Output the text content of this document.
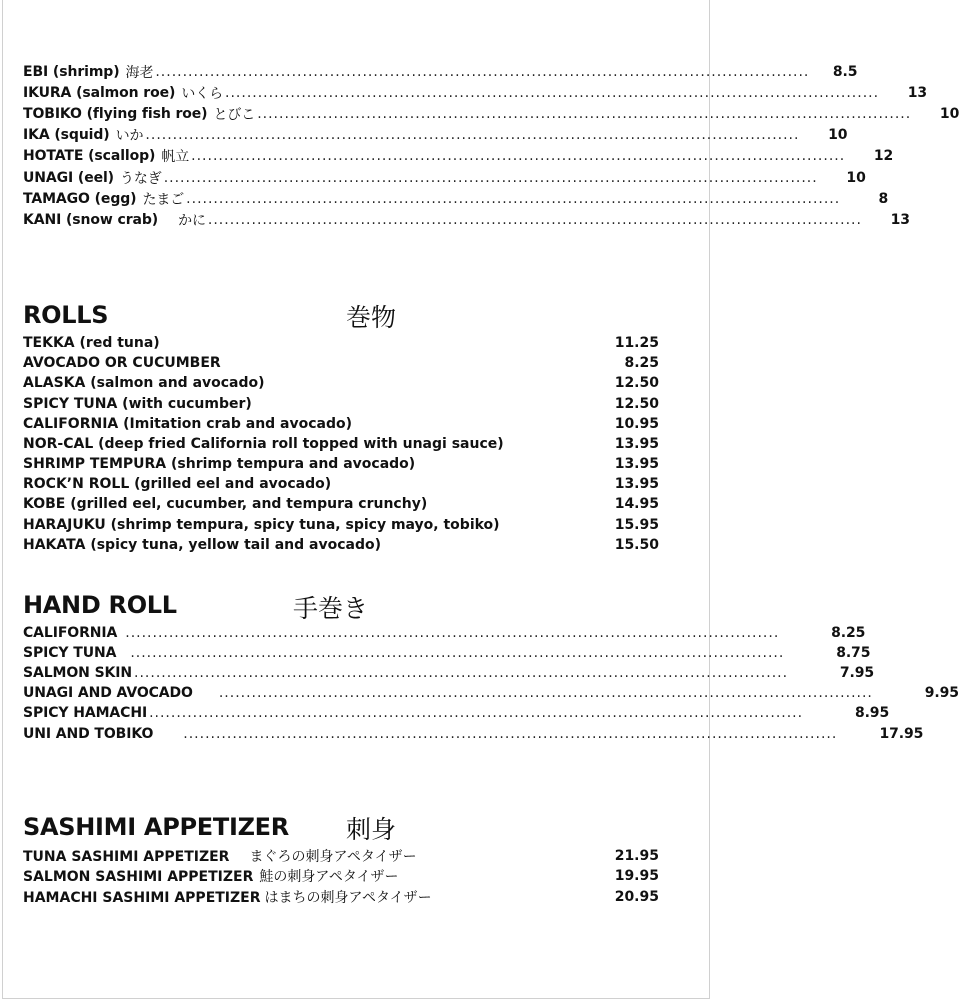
EBI (shrimp) 海老 ........................................................................................................................	8.5
IKURA (salmon roe) いくら ........................................................................................................................	13
TOBIKO (flying fish roe) とびこ ........................................................................................................................	10
IKA (squid) いか ........................................................................................................................	10
HOTATE (scallop) 帆立 ........................................................................................................................	12
UNAGI (eel) うなぎ ........................................................................................................................	10
TAMAGO (egg) たまご ........................................................................................................................	8
KANI (snow crab) かに ........................................................................................................................	13
ROLLS	巻物
TEKKA (red tuna)	11.25
AVOCADO OR CUCUMBER	8.25
ALASKA (salmon and avocado)	12.50
SPICY TUNA (with cucumber)	12.50
CALIFORNIA (Imitation crab and avocado)	10.95
NOR-CAL (deep fried California roll topped with unagi sauce)	13.95
SHRIMP TEMPURA (shrimp tempura and avocado)	13.95
ROCK’N ROLL (grilled eel and avocado)	13.95
KOBE (grilled eel, cucumber, and tempura crunchy)	14.95
HARAJUKU (shrimp tempura, spicy tuna, spicy mayo, tobiko)	15.95
HAKATA (spicy tuna, yellow tail and avocado)	15.50
HAND ROLL	手巻き
CALIFORNIA ........................................................................................................................	8.25
SPICY TUNA ........................................................................................................................	8.75
SALMON SKIN ........................................................................................................................	7.95
UNAGI AND AVOCADO ........................................................................................................................	9.95
SPICY HAMACHI ........................................................................................................................	8.95
UNI AND TOBIKO ........................................................................................................................	17.95
SASHIMI APPETIZER 刺身
TUNA SASHIMI APPETIZER まぐろの刺身アペタイザー	21.95
SALMON SASHIMI APPETIZER 鮭の刺身アペタイザー	19.95
HAMACHI SASHIMI APPETIZER はまちの刺身アペタイザー	20.95
